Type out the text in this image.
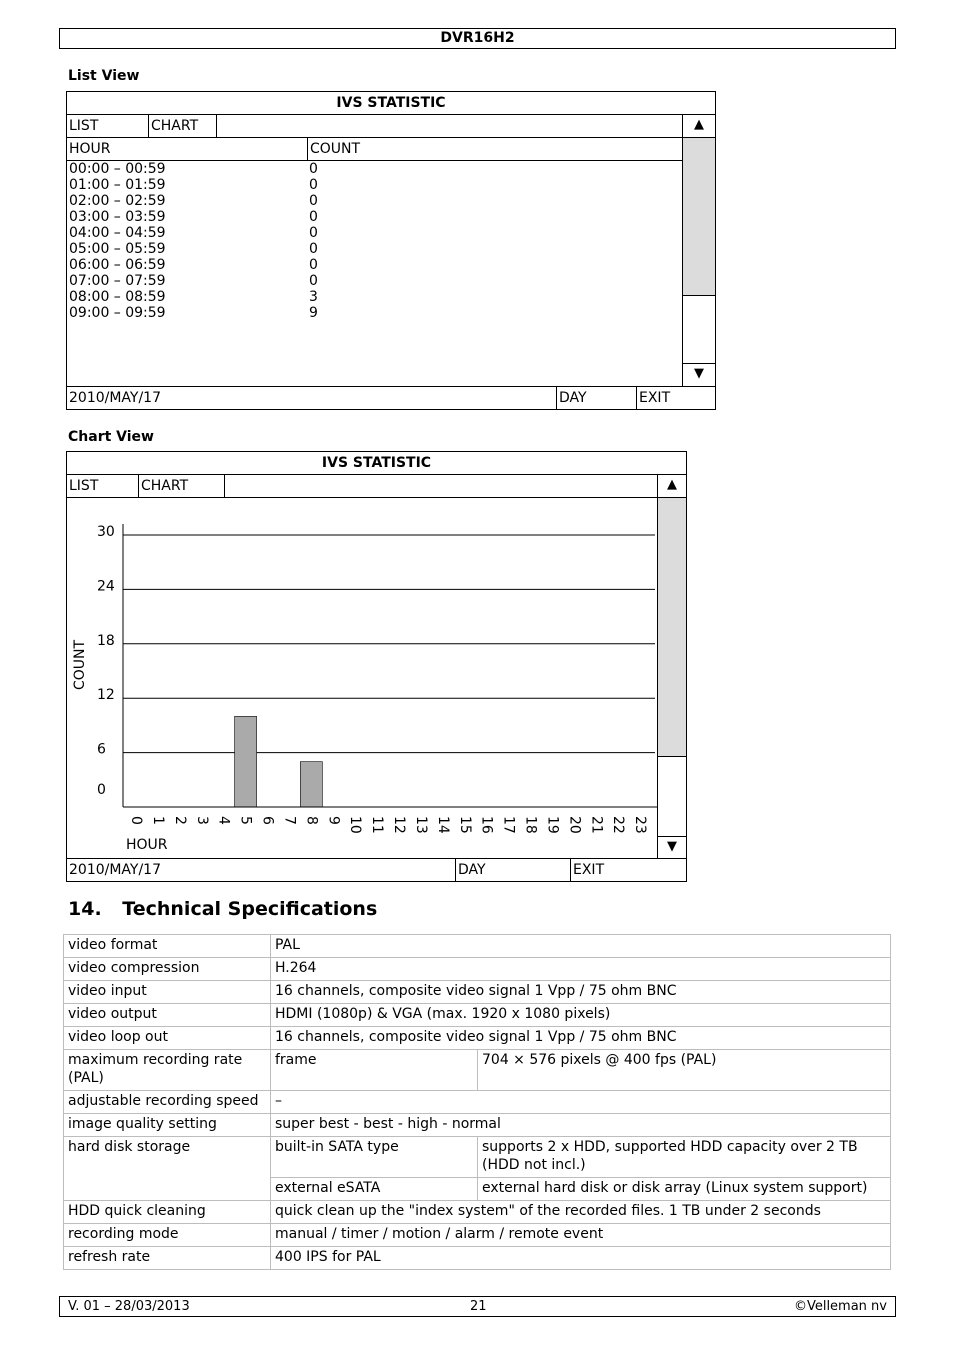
DVR16H2
List View
IVS STATISTIC
LIST	CHART
HOUR	COUNT
00:00 – 00:59	0
01:00 – 01:59	0
02:00 – 02:59	0
03:00 – 03:59	0
04:00 – 04:59	0
05:00 – 05:59	0
06:00 – 06:59	0
07:00 – 07:59	0
08:00 – 08:59	3
09:00 – 09:59	9
▲
▼
2010/MAY/17	DAY	EXIT
Chart View
IVS STATISTIC
LIST	CHART
0
6
12
18
24
30
0 1 2 3 4 5 6 7 8 9 10 11 12 13 14 15 16 17 18 19 20 21 22 23
COUNT
HOUR
▲
▼
2010/MAY/17	DAY	EXIT
14. Technical Specifications
video format	PAL	
video compression	H.264	
video input	16 channels, composite video signal 1 Vpp / 75 ohm BNC	
video output	HDMI (1080p) & VGA (max. 1920 x 1080 pixels)	
video loop out	16 channels, composite video signal 1 Vpp / 75 ohm BNC	
maximum recording rate (PAL)	frame	704 × 576 pixels @ 400 fps (PAL)
adjustable recording speed	–	
image quality setting	super best - best - high - normal	
hard disk storage	built-in SATA type	supports 2 x HDD, supported HDD capacity over 2 TB (HDD not incl.)
	external eSATA	external hard disk or disk array (Linux system support)
HDD quick cleaning	quick clean up the "index system" of the recorded files. 1 TB under 2 seconds	
recording mode	manual / timer / motion / alarm / remote event	
refresh rate	400 IPS for PAL	
V. 01 – 28/03/2013	21	©Velleman nv
